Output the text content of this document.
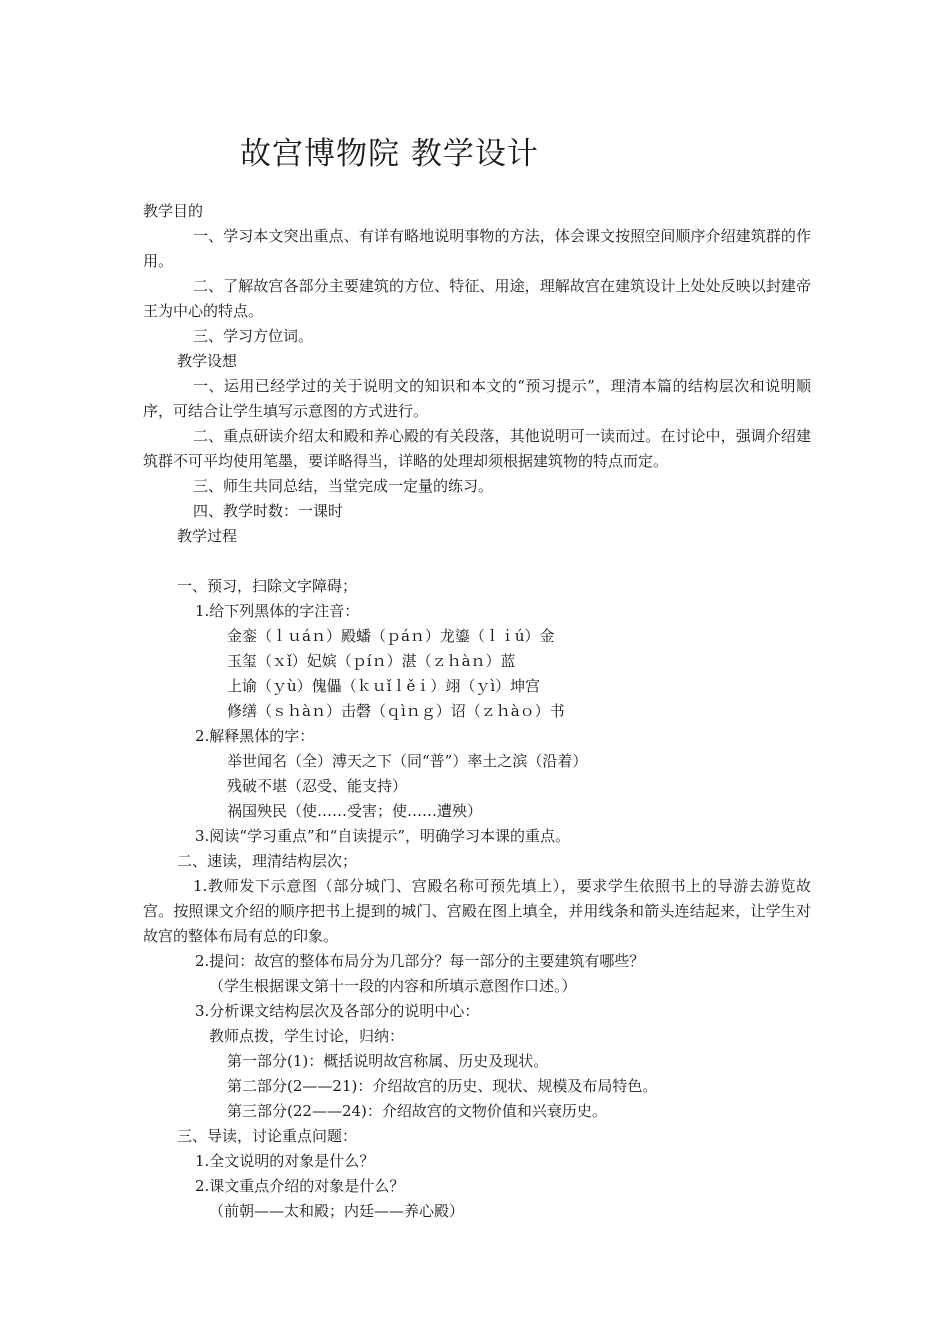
故宫博物院 教学设计
教学目的
一、学习本文突出重点、有详有略地说明事物的方法，体会课文按照空间顺序介绍建筑群的作用。
二、了解故宫各部分主要建筑的方位、特征、用途，理解故宫在建筑设计上处处反映以封建帝王为中心的特点。
三、学习方位词。
教学设想
一、运用已经学过的关于说明文的知识和本文的“预习提示”，理清本篇的结构层次和说明顺序，可结合让学生填写示意图的方式进行。
二、重点研读介绍太和殿和养心殿的有关段落，其他说明可一读而过。在讨论中，强调介绍建筑群不可平均使用笔墨，要详略得当，详略的处理却须根据建筑物的特点而定。
三、师生共同总结，当堂完成一定量的练习。
四、教学时数：一课时
教学过程
一、预习，扫除文字障碍；
1.给下列黑体的字注音：
金銮（ｌｕáｎ）殿蟠（ｐáｎ）龙鎏（ｌｉú）金
玉玺（ｘǐ）妃嫔（ｐíｎ）湛（ｚｈàｎ）蓝
上谕（ｙù）傀儡（ｋｕǐｌěｉ）翊（ｙì）坤宫
修缮（ｓｈàｎ）击磬（ｑìｎｇ）诏（ｚｈàｏ）书
2.解释黑体的字：
举世闻名（全）溥天之下（同“普”）率土之滨（沿着）
残破不堪（忍受、能支持）
祸国殃民（使……受害；使……遭殃）
3.阅读“学习重点”和“自读提示”，明确学习本课的重点。
二、速读，理清结构层次；
1.教师发下示意图（部分城门、宫殿名称可预先填上），要求学生依照书上的导游去游览故宫。按照课文介绍的顺序把书上提到的城门、宫殿在图上填全，并用线条和箭头连结起来，让学生对故宫的整体布局有总的印象。
2.提问：故宫的整体布局分为几部分？每一部分的主要建筑有哪些？
（学生根据课文第十一段的内容和所填示意图作口述。）
3.分析课文结构层次及各部分的说明中心：
教师点拨，学生讨论，归纳：
第一部分(1)：概括说明故宫称属、历史及现状。
第二部分(2——21)：介绍故宫的历史、现状、规模及布局特色。
第三部分(22——24)：介绍故宫的文物价值和兴衰历史。
三、导读，讨论重点问题：
1.全文说明的对象是什么？
2.课文重点介绍的对象是什么？
（前朝——太和殿；内廷——养心殿）
